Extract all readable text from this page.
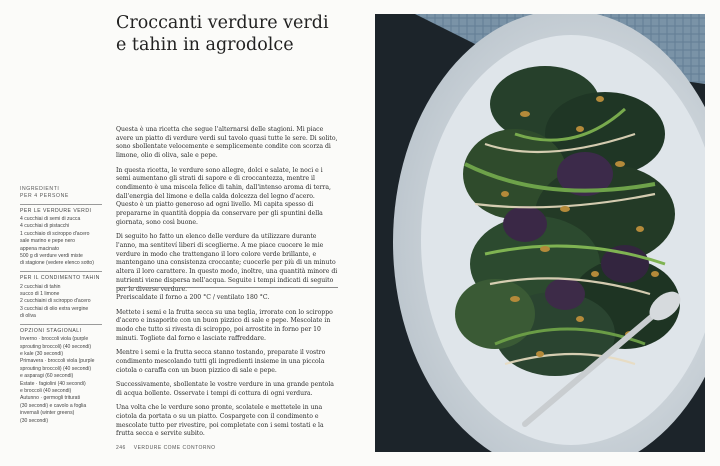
Croccanti verdure verdi
e tahin in agrodolce
INGREDIENTI
PER 4 PERSONE
PER LE VERDURE VERDI
4 cucchiai di semi di zucca
4 cucchiai di pistacchi
1 cucchiaio di sciroppo d'acero
sale marino e pepe nero
appena macinato
500 g di verdure verdi miste
di stagione (vedere elenco sotto)
PER IL CONDIMENTO TAHIN
2 cucchiai di tahin
succo di 1 limone
2 cucchiaini di sciroppo d'acero
3 cucchiai di olio extra vergine
di oliva
OPZIONI STAGIONALI
Inverno · broccoli viola (purple
sprouting broccoli) (40 secondi)
e kale (30 secondi)
Primavera · broccoli viola (purple
sprouting broccoli) (40 secondi)
e asparagi (60 secondi)
Estate · fagiolini (40 secondi)
e broccoli (40 secondi)
Autunno · germogli triturati
(30 secondi) e cavolo a foglia
invernali (winter greens)
(30 secondi)

Questa è una ricetta che segue l'alternarsi delle stagioni. Mi piace avere un piatto di verdure verdi sul tavolo quasi tutte le sere. Di solito, sono sbollentate velocemente e semplicemente condite con scorza di limone, olio di oliva, sale e pepe.

In questa ricetta, le verdure sono allegre, dolci e salate, le noci e i semi aumentano gli strati di sapore e di croccantezza, mentre il condimento è una miscela felice di tahin, dall'intenso aroma di terra, dall'energia del limone e della calda dolcezza del legno d'acero. Questo è un piatto generoso ad ogni livello. Mi capita spesso di prepararne in quantità doppia da conservare per gli spuntini della giornata, sono così buone.

Di seguito ho fatto un elenco delle verdure da utilizzare durante l'anno, ma sentiteví liberi di sceglierne. A me piace cuocere le mie verdure in modo che trattengano il loro colore verde brillante, e mantengano una consistenza croccante; cuocerle per più di un minuto altera il loro carattere. In questo modo, inoltre, una quantità minore di nutrienti viene dispersa nell'acqua. Seguite i tempi indicati di seguito per le diverse verdure.

Preriscaldate il forno a 200 °C / ventilato 180 °C.

Mettete i semi e la frutta secca su una teglia, irrorate con lo sciroppo d'acero e insaporite con un buon pizzico di sale e pepe. Mescolate in modo che tutto si rivesta di sciroppo, poi arrostite in forno per 10 minuti. Togliete dal forno e lasciate raffreddare.

Mentre i semi e la frutta secca stanno tostando, preparate il vostro condimento mescolando tutti gli ingredienti insieme in una piccola ciotola o caraffa con un buon pizzico di sale e pepe.

Successivamente, sbollentate le vostre verdure in una grande pentola di acqua bollente. Osservate i tempi di cottura di ogni verdura.

Una volta che le verdure sono pronte, scolatele e mettetele in una ciotola da portata o su un piatto. Cospargete con il condimento e mescolate tutto per rivestire, poi completate con i semi tostati e la frutta secca e servite subito.

246 VERDURE COME CONTORNO
